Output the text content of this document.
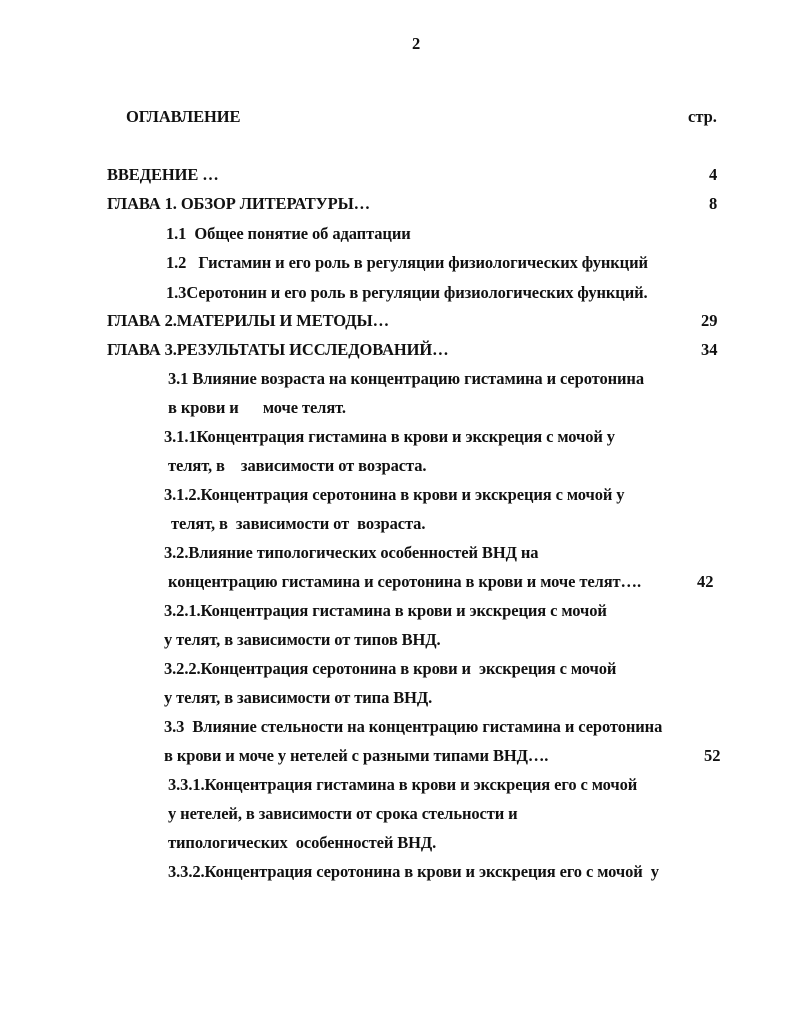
2
ОГЛАВЛЕНИЕ	стр.
ВВЕДЕНИЕ …	4
ГЛАВА 1. ОБЗОР ЛИТЕРАТУРЫ…	8
1.1  Общее понятие об адаптации
1.2   Гистамин и его роль в регуляции физиологических функций
1.3Серотонин и его роль в регуляции физиологических функций.
ГЛАВА 2.МАТЕРИЛЫ И МЕТОДЫ…	29
ГЛАВА 3.РЕЗУЛЬТАТЫ ИССЛЕДОВАНИЙ…	34
3.1 Влияние возраста на концентрацию гистамина и серотонина
в крови и      моче телят.
3.1.1Концентрация гистамина в крови и экскреция с мочой у
телят, в    зависимости от возраста.
3.1.2.Концентрация серотонина в крови и экскреция с мочой у
телят, в  зависимости от  возраста.
3.2.Влияние типологических особенностей ВНД на
концентрацию гистамина и серотонина в крови и моче телят….	42
3.2.1.Концентрация гистамина в крови и экскреция с мочой
у телят, в зависимости от типов ВНД.
3.2.2.Концентрация серотонина в крови и  экскреция с мочой
у телят, в зависимости от типа ВНД.
3.3  Влияние стельности на концентрацию гистамина и серотонина
в крови и моче у нетелей с разными типами ВНД….	52
3.3.1.Концентрация гистамина в крови и экскреция его с мочой
у нетелей, в зависимости от срока стельности и
типологических  особенностей ВНД.
3.3.2.Концентрация серотонина в крови и экскреция его с мочой  у
